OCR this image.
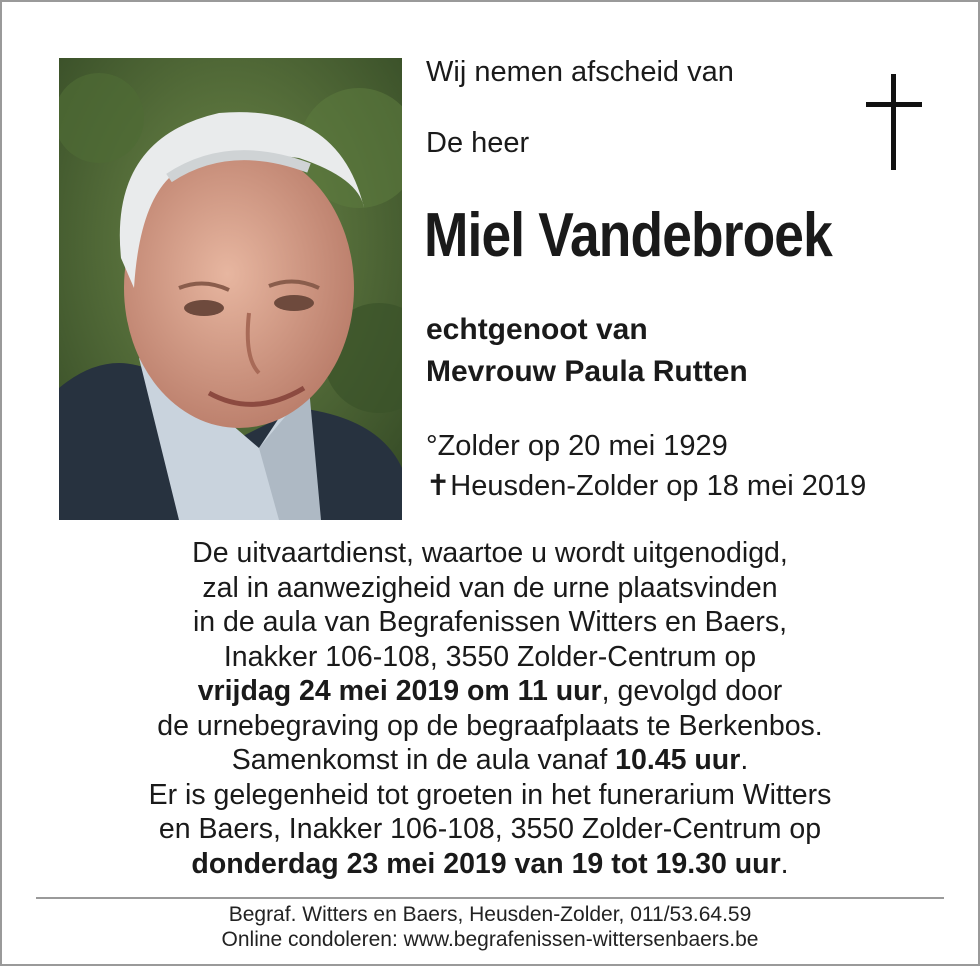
Wij nemen afscheid van
De heer
Miel Vandebroek
echtgenoot van
Mevrouw Paula Rutten
°Zolder op 20 mei 1929
✝Heusden-Zolder op 18 mei 2019
De uitvaartdienst, waartoe u wordt uitgenodigd,
zal in aanwezigheid van de urne plaatsvinden
in de aula van Begrafenissen Witters en Baers,
Inakker 106-108, 3550 Zolder-Centrum op
vrijdag 24 mei 2019 om 11 uur, gevolgd door
de urnebegraving op de begraafplaats te Berkenbos.
Samenkomst in de aula vanaf 10.45 uur.
Er is gelegenheid tot groeten in het funerarium Witters
en Baers, Inakker 106-108, 3550 Zolder-Centrum op
donderdag 23 mei 2019 van 19 tot 19.30 uur.
Begraf. Witters en Baers, Heusden-Zolder, 011/53.64.59
Online condoleren: www.begrafenissen-wittersenbaers.be
